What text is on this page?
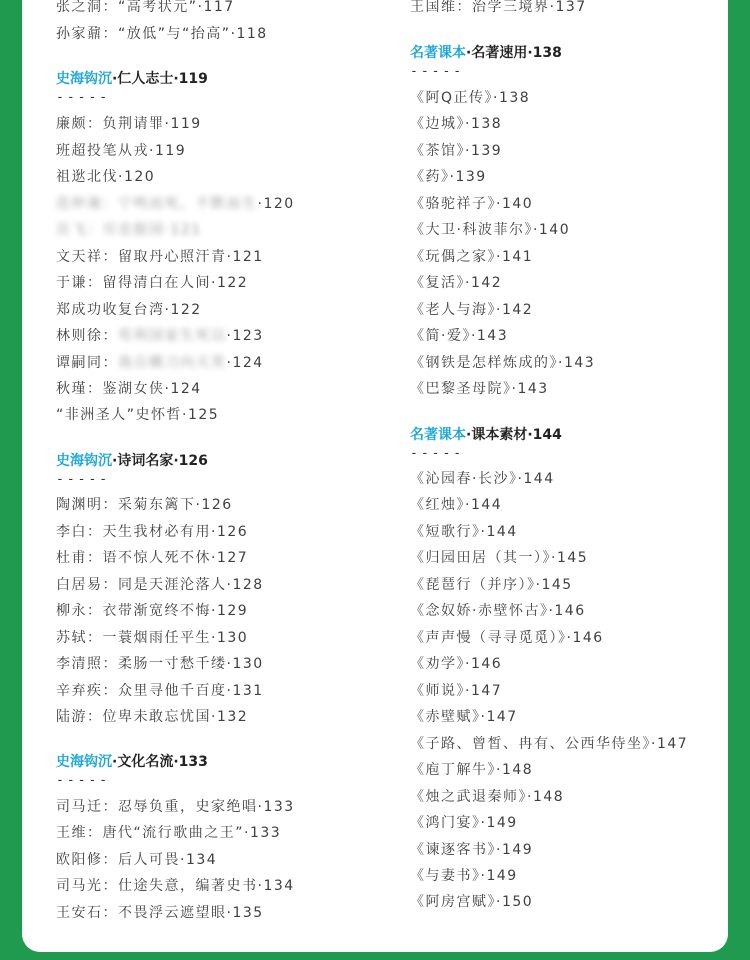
张之洞：“高考状元”·117
孙家鼐：“放低”与“抬高”·118
史海钩沉·仁人志士·119
-----
廉颇：负荆请罪·119
班超投笔从戎·119
祖逖北伐·120
范仲淹：宁鸣而死，不默而生·120
岳飞：尽忠报国·121
文天祥：留取丹心照汗青·121
于谦：留得清白在人间·122
郑成功收复台湾·122
林则徐：苟利国家生死以·123
谭嗣同：我自横刀向天笑·124
秋瑾：鉴湖女侠·124
“非洲圣人”史怀哲·125
史海钩沉·诗词名家·126
-----
陶渊明：采菊东篱下·126
李白：天生我材必有用·126
杜甫：语不惊人死不休·127
白居易：同是天涯沦落人·128
柳永：衣带渐宽终不悔·129
苏轼：一蓑烟雨任平生·130
李清照：柔肠一寸愁千缕·130
辛弃疾：众里寻他千百度·131
陆游：位卑未敢忘忧国·132
史海钩沉·文化名流·133
-----
司马迁：忍辱负重，史家绝唱·133
王维：唐代“流行歌曲之王”·133
欧阳修：后人可畏·134
司马光：仕途失意，编著史书·134
王安石：不畏浮云遮望眼·135
王国维：治学三境界·137
名著课本·名著速用·138
-----
《阿Q正传》·138
《边城》·138
《茶馆》·139
《药》·139
《骆驼祥子》·140
《大卫·科波菲尔》·140
《玩偶之家》·141
《复活》·142
《老人与海》·142
《简·爱》·143
《钢铁是怎样炼成的》·143
《巴黎圣母院》·143
名著课本·课本素材·144
-----
《沁园春·长沙》·144
《红烛》·144
《短歌行》·144
《归园田居（其一）》·145
《琵琶行（并序）》·145
《念奴娇·赤壁怀古》·146
《声声慢（寻寻觅觅）》·146
《劝学》·146
《师说》·147
《赤壁赋》·147
《子路、曾皙、冉有、公西华侍坐》·147
《庖丁解牛》·148
《烛之武退秦师》·148
《鸿门宴》·149
《谏逐客书》·149
《与妻书》·149
《阿房宫赋》·150
